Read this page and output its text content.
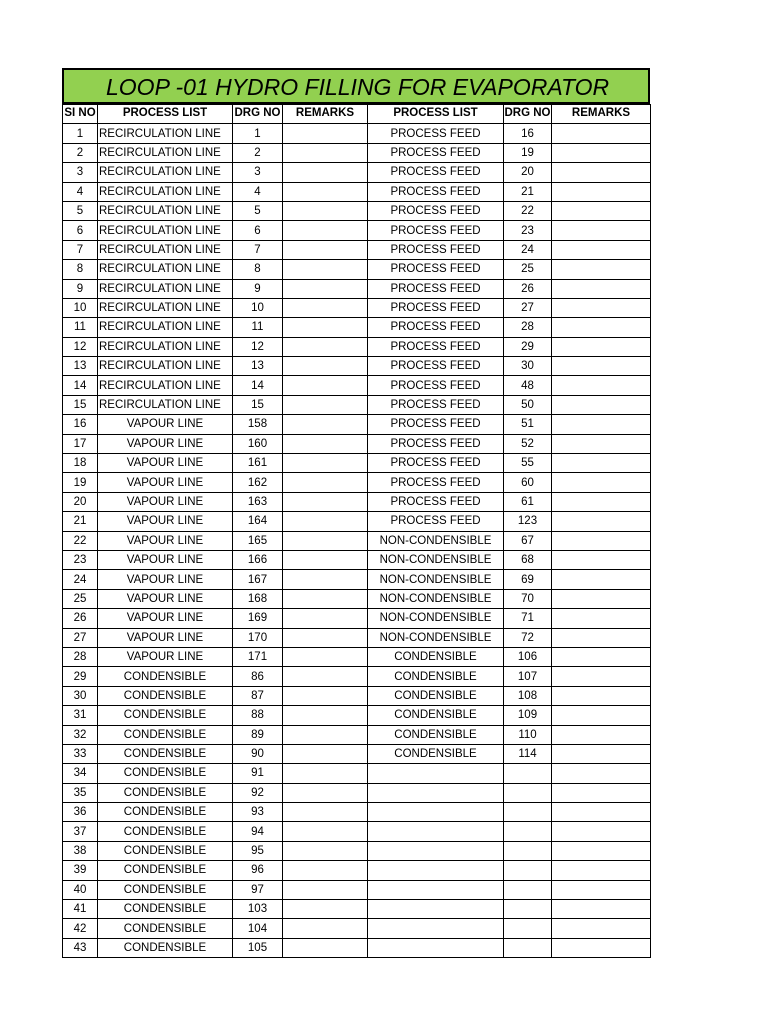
LOOP -01 HYDRO FILLING FOR EVAPORATOR
SI NO	PROCESS LIST	DRG NO	REMARKS	PROCESS LIST	DRG NO	REMARKS
1	RECIRCULATION LINE	1		PROCESS FEED	16	
2	RECIRCULATION LINE	2		PROCESS FEED	19	
3	RECIRCULATION LINE	3		PROCESS FEED	20	
4	RECIRCULATION LINE	4		PROCESS FEED	21	
5	RECIRCULATION LINE	5		PROCESS FEED	22	
6	RECIRCULATION LINE	6		PROCESS FEED	23	
7	RECIRCULATION LINE	7		PROCESS FEED	24	
8	RECIRCULATION LINE	8		PROCESS FEED	25	
9	RECIRCULATION LINE	9		PROCESS FEED	26	
10	RECIRCULATION LINE	10		PROCESS FEED	27	
11	RECIRCULATION LINE	11		PROCESS FEED	28	
12	RECIRCULATION LINE	12		PROCESS FEED	29	
13	RECIRCULATION LINE	13		PROCESS FEED	30	
14	RECIRCULATION LINE	14		PROCESS FEED	48	
15	RECIRCULATION LINE	15		PROCESS FEED	50	
16	VAPOUR LINE	158		PROCESS FEED	51	
17	VAPOUR LINE	160		PROCESS FEED	52	
18	VAPOUR LINE	161		PROCESS FEED	55	
19	VAPOUR LINE	162		PROCESS FEED	60	
20	VAPOUR LINE	163		PROCESS FEED	61	
21	VAPOUR LINE	164		PROCESS FEED	123	
22	VAPOUR LINE	165		NON-CONDENSIBLE	67	
23	VAPOUR LINE	166		NON-CONDENSIBLE	68	
24	VAPOUR LINE	167		NON-CONDENSIBLE	69	
25	VAPOUR LINE	168		NON-CONDENSIBLE	70	
26	VAPOUR LINE	169		NON-CONDENSIBLE	71	
27	VAPOUR LINE	170		NON-CONDENSIBLE	72	
28	VAPOUR LINE	171		CONDENSIBLE	106	
29	CONDENSIBLE	86		CONDENSIBLE	107	
30	CONDENSIBLE	87		CONDENSIBLE	108	
31	CONDENSIBLE	88		CONDENSIBLE	109	
32	CONDENSIBLE	89		CONDENSIBLE	110	
33	CONDENSIBLE	90		CONDENSIBLE	114	
34	CONDENSIBLE	91				
35	CONDENSIBLE	92				
36	CONDENSIBLE	93				
37	CONDENSIBLE	94				
38	CONDENSIBLE	95				
39	CONDENSIBLE	96				
40	CONDENSIBLE	97				
41	CONDENSIBLE	103				
42	CONDENSIBLE	104				
43	CONDENSIBLE	105				
